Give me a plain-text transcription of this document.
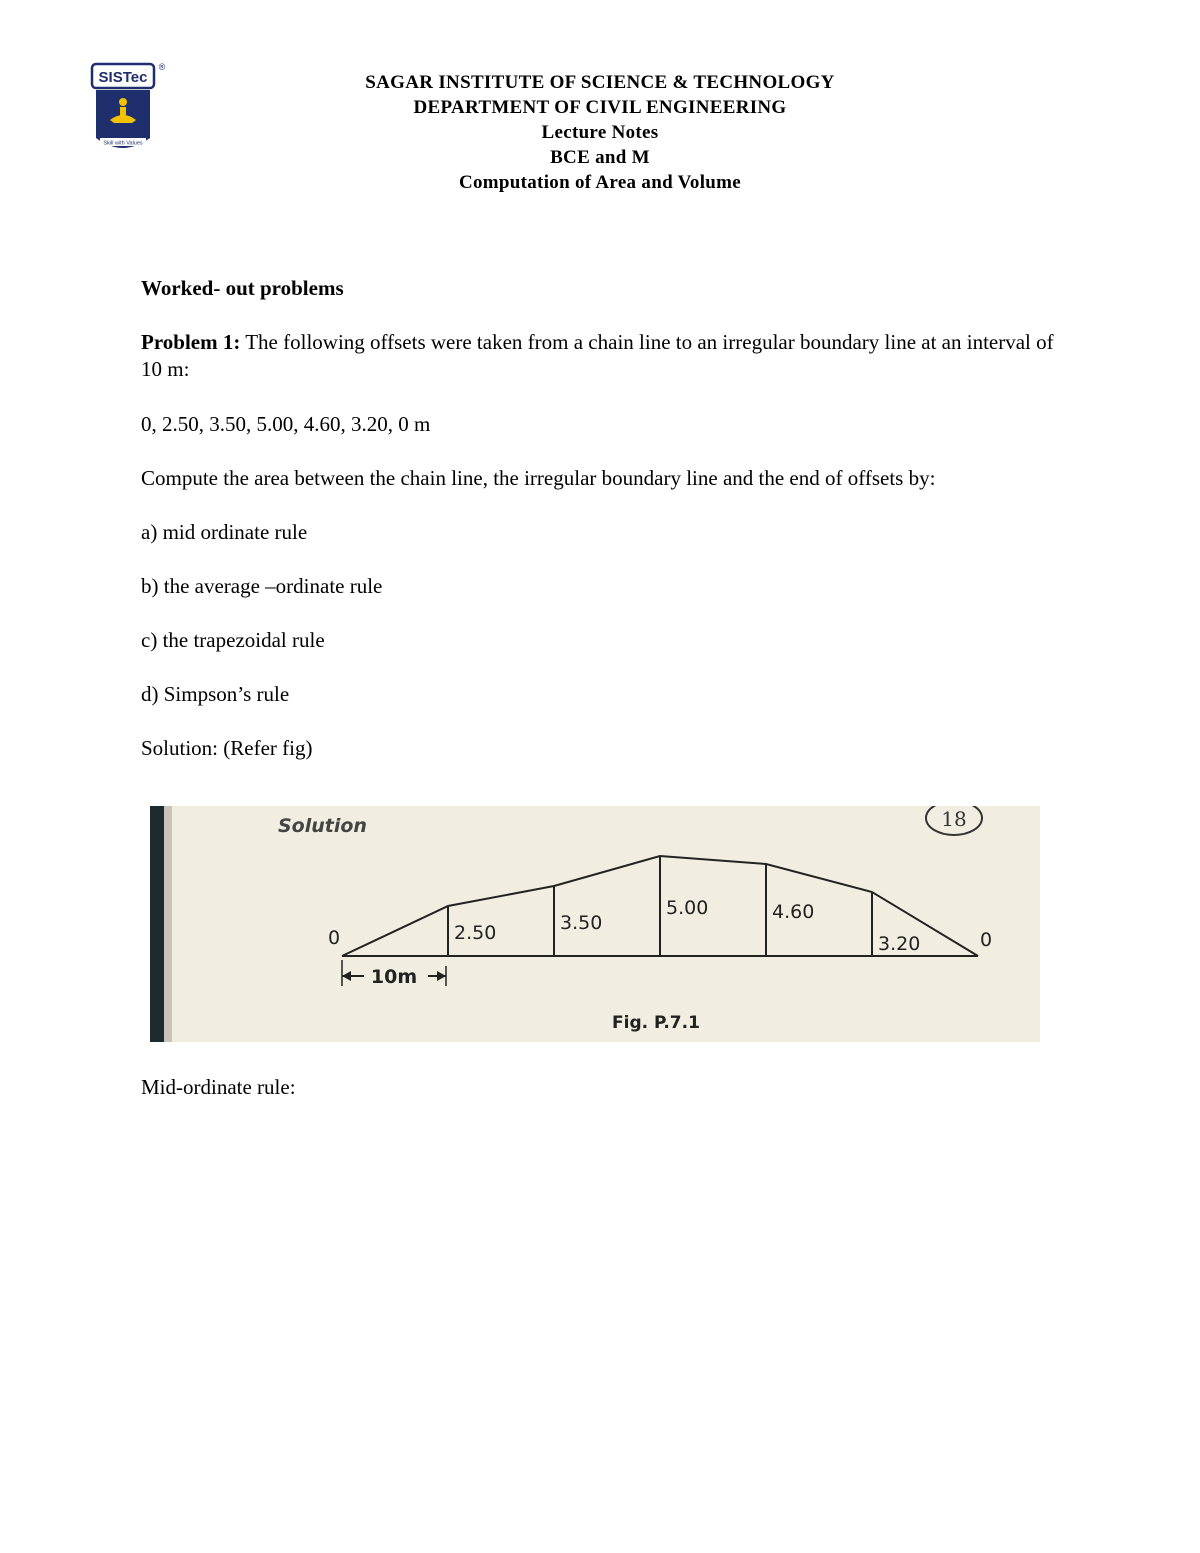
SISTec
®
Skill with Values
SAGAR INSTITUTE OF SCIENCE & TECHNOLOGY
DEPARTMENT OF CIVIL ENGINEERING
Lecture Notes
BCE and M
Computation of Area and Volume

Worked- out problems

Problem 1: The following offsets were taken from a chain line to an irregular boundary line at an interval of 10 m:

0, 2.50, 3.50, 5.00, 4.60, 3.20, 0 m

Compute the area between the chain line, the irregular boundary line and the end of offsets by:

a) mid ordinate rule

b) the average –ordinate rule

c) the trapezoidal rule

d) Simpson’s rule

Solution: (Refer fig)

Solution	18
0	2.50	3.50
5.00	4.60
3.20	0
10m
Fig. P.7.1

Mid-ordinate rule:
